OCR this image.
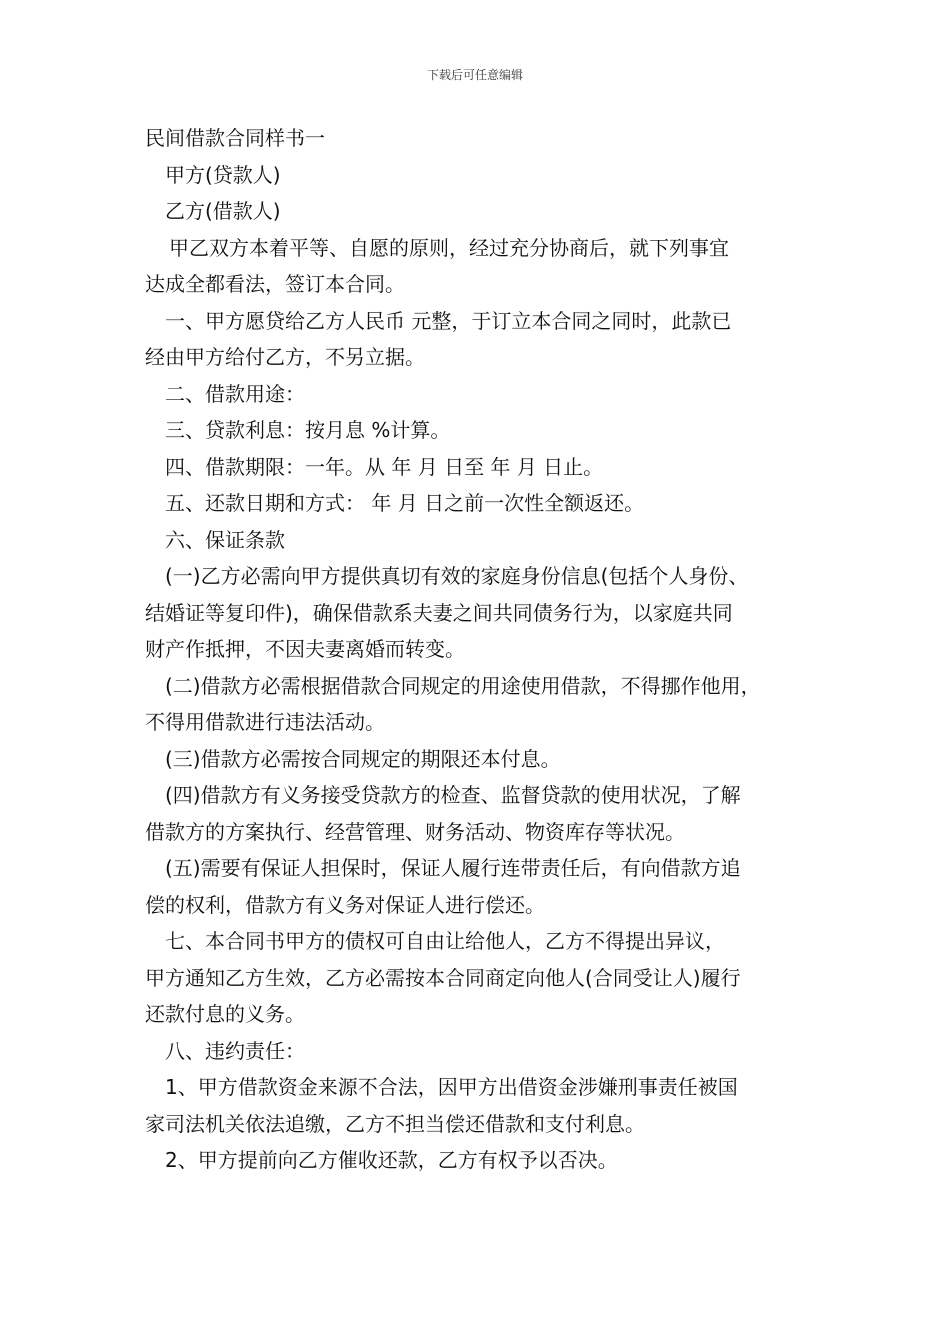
下载后可任意编辑
民间借款合同样书一
甲方(贷款人)
乙方(借款人)
甲乙双方本着平等、自愿的原则，经过充分协商后，就下列事宜
达成全都看法，签订本合同。
一、甲方愿贷给乙方人民币 元整，于订立本合同之同时，此款已
经由甲方给付乙方，不另立据。
二、借款用途：
三、贷款利息：按月息 %计算。
四、借款期限：一年。从 年 月 日至 年 月 日止。
五、还款日期和方式： 年 月 日之前一次性全额返还。
六、保证条款
(一)乙方必需向甲方提供真切有效的家庭身份信息(包括个人身份、
结婚证等复印件)，确保借款系夫妻之间共同债务行为，以家庭共同
财产作抵押，不因夫妻离婚而转变。
(二)借款方必需根据借款合同规定的用途使用借款，不得挪作他用，
不得用借款进行违法活动。
(三)借款方必需按合同规定的期限还本付息。
(四)借款方有义务接受贷款方的检查、监督贷款的使用状况，了解
借款方的方案执行、经营管理、财务活动、物资库存等状况。
(五)需要有保证人担保时，保证人履行连带责任后，有向借款方追
偿的权利，借款方有义务对保证人进行偿还。
七、本合同书甲方的债权可自由让给他人，乙方不得提出异议，
甲方通知乙方生效，乙方必需按本合同商定向他人(合同受让人)履行
还款付息的义务。
八、违约责任：
1、甲方借款资金来源不合法，因甲方出借资金涉嫌刑事责任被国
家司法机关依法追缴，乙方不担当偿还借款和支付利息。
2、甲方提前向乙方催收还款，乙方有权予以否决。
